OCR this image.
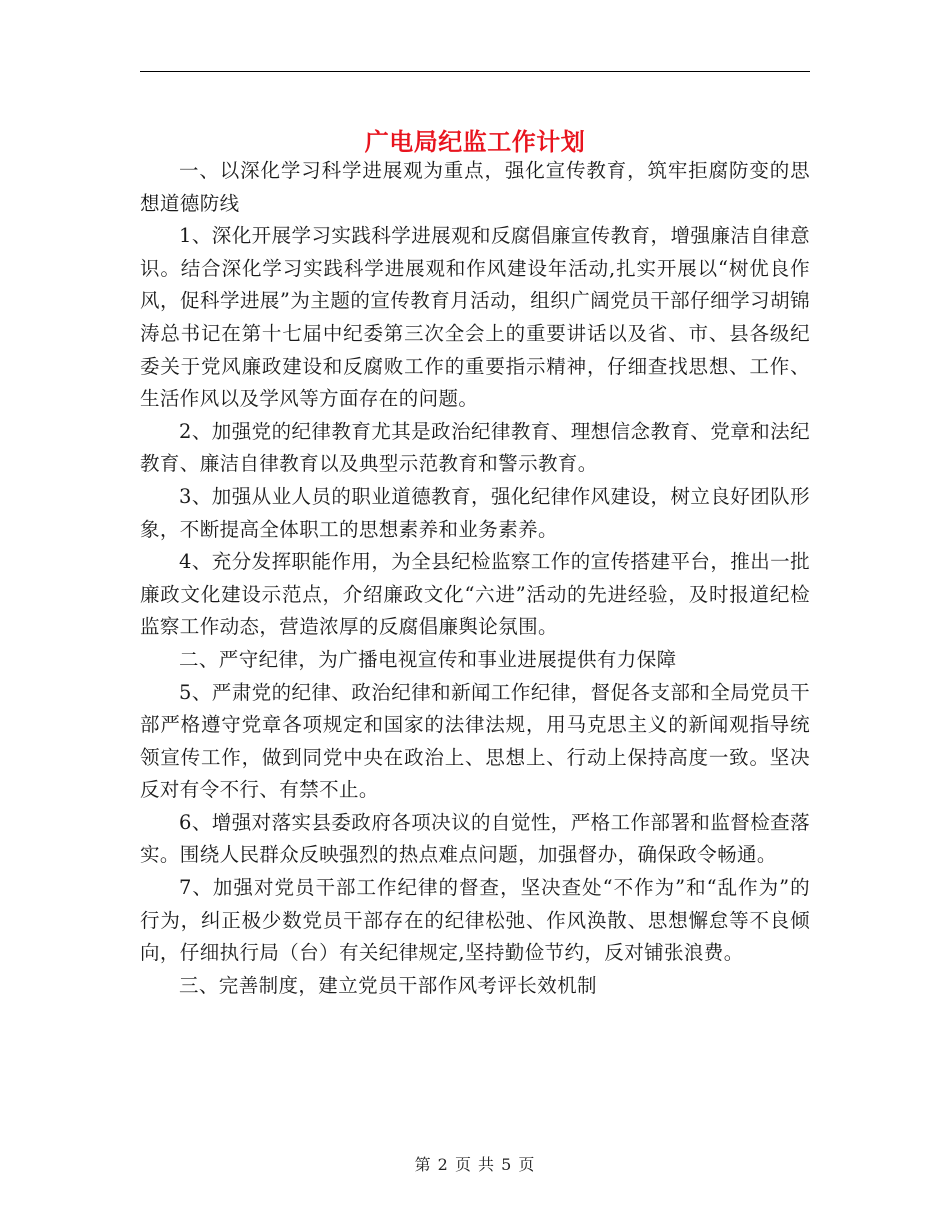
广电局纪监工作计划

一、以深化学习科学进展观为重点，强化宣传教育，筑牢拒腐防变的思想道德防线

1、深化开展学习实践科学进展观和反腐倡廉宣传教育，增强廉洁自律意识。结合深化学习实践科学进展观和作风建设年活动,扎实开展以“树优良作风，促科学进展”为主题的宣传教育月活动，组织广阔党员干部仔细学习胡锦涛总书记在第十七届中纪委第三次全会上的重要讲话以及省、市、县各级纪委关于党风廉政建设和反腐败工作的重要指示精神，仔细查找思想、工作、生活作风以及学风等方面存在的问题。

2、加强党的纪律教育尤其是政治纪律教育、理想信念教育、党章和法纪教育、廉洁自律教育以及典型示范教育和警示教育。

3、加强从业人员的职业道德教育，强化纪律作风建设，树立良好团队形象，不断提高全体职工的思想素养和业务素养。

4、充分发挥职能作用，为全县纪检监察工作的宣传搭建平台，推出一批廉政文化建设示范点，介绍廉政文化“六进”活动的先进经验，及时报道纪检监察工作动态，营造浓厚的反腐倡廉舆论氛围。

二、严守纪律，为广播电视宣传和事业进展提供有力保障

5、严肃党的纪律、政治纪律和新闻工作纪律，督促各支部和全局党员干部严格遵守党章各项规定和国家的法律法规，用马克思主义的新闻观指导统领宣传工作，做到同党中央在政治上、思想上、行动上保持高度一致。坚决反对有令不行、有禁不止。

6、增强对落实县委政府各项决议的自觉性，严格工作部署和监督检查落实。围绕人民群众反映强烈的热点难点问题，加强督办，确保政令畅通。

7、加强对党员干部工作纪律的督查，坚决查处“不作为”和“乱作为”的行为，纠正极少数党员干部存在的纪律松弛、作风涣散、思想懈怠等不良倾向，仔细执行局（台）有关纪律规定,坚持勤俭节约，反对铺张浪费。

三、完善制度，建立党员干部作风考评长效机制

第 2 页 共 5 页
